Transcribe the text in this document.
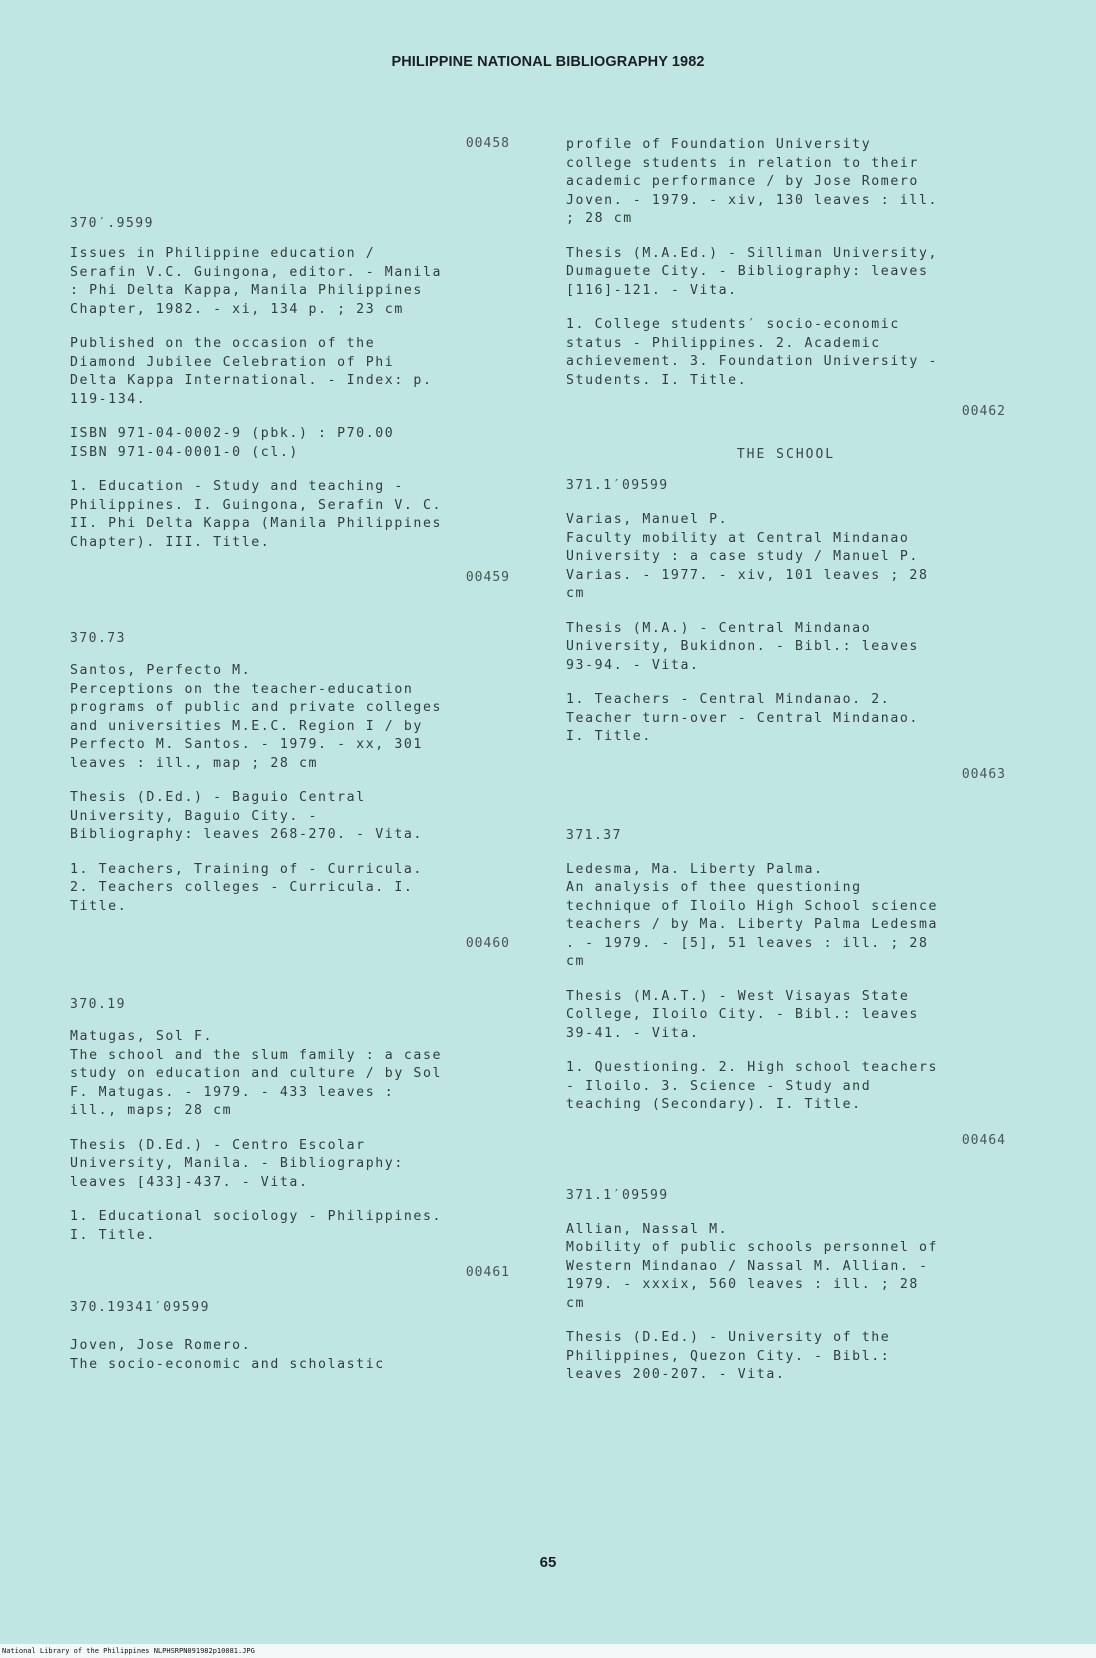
PHILIPPINE NATIONAL BIBLIOGRAPHY 1982
00458
370′.9599
Issues in Philippine education /
Serafin V.C. Guingona, editor. - Manila
: Phi Delta Kappa, Manila Philippines
Chapter, 1982. - xi, 134 p. ; 23 cm
Published on the occasion of the
Diamond Jubilee Celebration of Phi
Delta Kappa International. - Index: p.
119-134.
ISBN 971-04-0002-9 (pbk.) : P70.00
ISBN 971-04-0001-0 (cl.)
1. Education - Study and teaching -
Philippines. I. Guingona, Serafin V. C.
II. Phi Delta Kappa (Manila Philippines
Chapter). III. Title.
00459
370.73
Santos, Perfecto M.
Perceptions on the teacher-education
programs of public and private colleges
and universities M.E.C. Region I / by
Perfecto M. Santos. - 1979. - xx, 301
leaves : ill., map ; 28 cm
Thesis (D.Ed.) - Baguio Central
University, Baguio City. -
Bibliography: leaves 268-270. - Vita.
1. Teachers, Training of - Curricula.
2. Teachers colleges - Curricula. I.
Title.
00460
370.19
Matugas, Sol F.
The school and the slum family : a case
study on education and culture / by Sol
F. Matugas. - 1979. - 433 leaves :
ill., maps; 28 cm
Thesis (D.Ed.) - Centro Escolar
University, Manila. - Bibliography:
leaves [433]-437. - Vita.
1. Educational sociology - Philippines.
I. Title.
00461
370.19341′09599
Joven, Jose Romero.
The socio-economic and scholastic
profile of Foundation University
college students in relation to their
academic performance / by Jose Romero
Joven. - 1979. - xiv, 130 leaves : ill.
; 28 cm
Thesis (M.A.Ed.) - Silliman University,
Dumaguete City. - Bibliography: leaves
[116]-121. - Vita.
1. College students′ socio-economic
status - Philippines. 2. Academic
achievement. 3. Foundation University -
Students. I. Title.
00462
THE SCHOOL
371.1′09599
Varias, Manuel P.
Faculty mobility at Central Mindanao
University : a case study / Manuel P.
Varias. - 1977. - xiv, 101 leaves ; 28
cm
Thesis (M.A.) - Central Mindanao
University, Bukidnon. - Bibl.: leaves
93-94. - Vita.
1. Teachers - Central Mindanao. 2.
Teacher turn-over - Central Mindanao.
I. Title.
00463
371.37
Ledesma, Ma. Liberty Palma.
An analysis of thee questioning
technique of Iloilo High School science
teachers / by Ma. Liberty Palma Ledesma
. - 1979. - [5], 51 leaves : ill. ; 28
cm
Thesis (M.A.T.) - West Visayas State
College, Iloilo City. - Bibl.: leaves
39-41. - Vita.
1. Questioning. 2. High school teachers
- Iloilo. 3. Science - Study and
teaching (Secondary). I. Title.
00464
371.1′09599
Allian, Nassal M.
Mobility of public schools personnel of
Western Mindanao / Nassal M. Allian. -
1979. - xxxix, 560 leaves : ill. ; 28
cm
Thesis (D.Ed.) - University of the
Philippines, Quezon City. - Bibl.:
leaves 200-207. - Vita.
65
National Library of the Philippines NLPHSRPN091982p10081.JPG
